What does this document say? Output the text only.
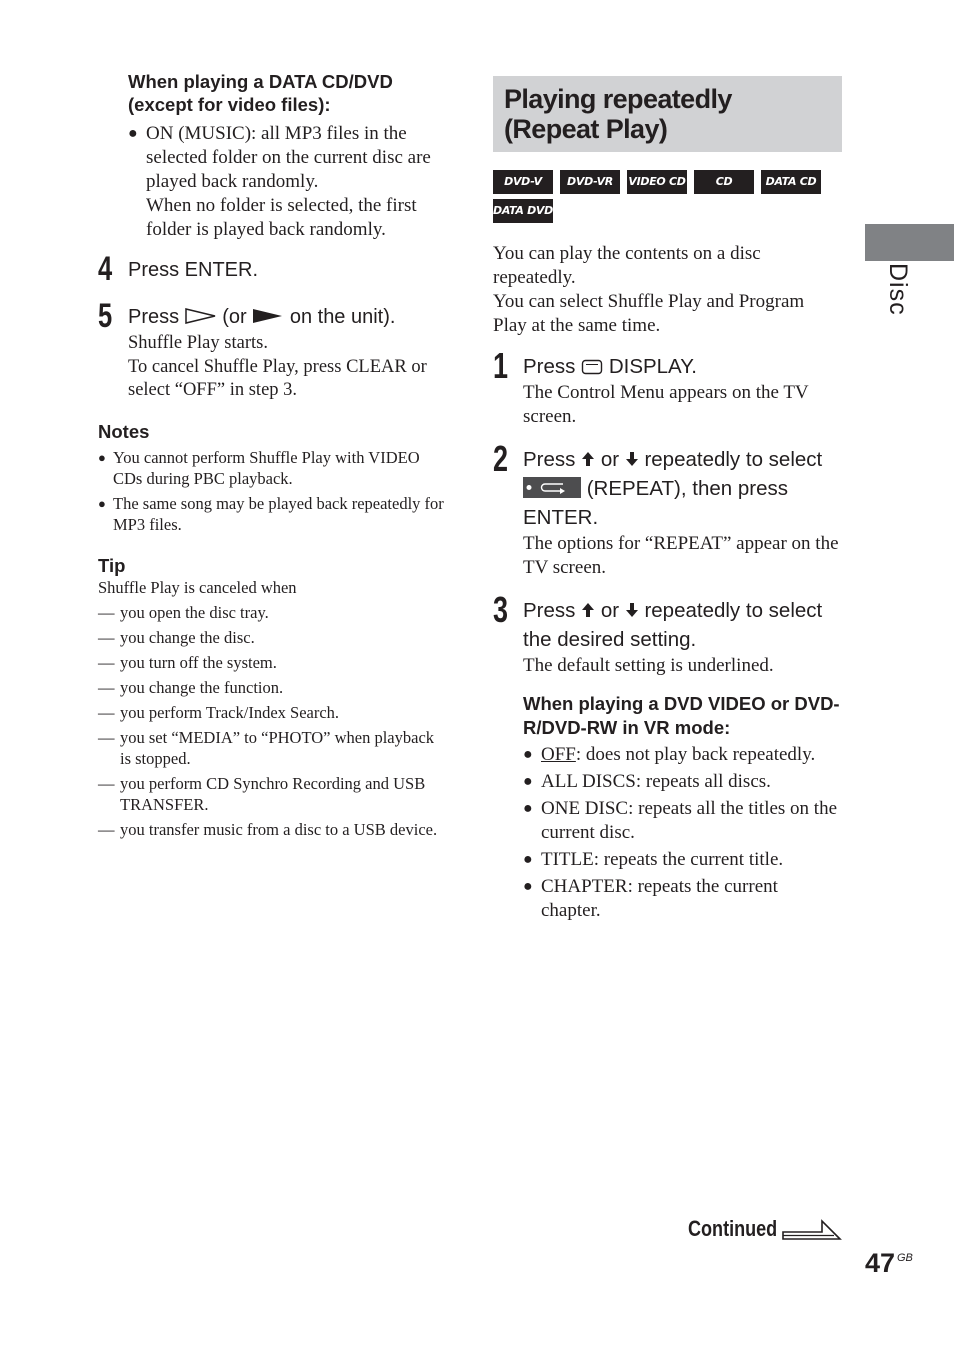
When playing a DATA CD/DVD (except for video files):
● ON (MUSIC): all MP3 files in the selected folder on the current disc are played back randomly.
When no folder is selected, the first folder is played back randomly.
4 Press ENTER.
5 Press (or on the unit).
Shuffle Play starts.
To cancel Shuffle Play, press CLEAR or select “OFF” in step 3.
Notes
● You cannot perform Shuffle Play with VIDEO CDs during PBC playback.
● The same song may be played back repeatedly for MP3 files.
Tip
Shuffle Play is canceled when
— you open the disc tray.
— you change the disc.
— you turn off the system.
— you change the function.
— you perform Track/Index Search.
— you set “MEDIA” to “PHOTO” when playback is stopped.
— you perform CD Synchro Recording and USB TRANSFER.
— you transfer music from a disc to a USB device.
Playing repeatedly (Repeat Play)
DVD-V DVD-VR VIDEO CD	CD	DATA CDDATA DVD
You can play the contents on a disc repeatedly.
You can select Shuffle Play and Program Play at the same time.
1 Press DISPLAY.
The Control Menu appears on the TV screen.
2 Press or repeatedly to select
(REPEAT), then press ENTER.
The options for “REPEAT” appear on the TV screen.
3 Press or repeatedly to select the desired setting.
The default setting is underlined.
When playing a DVD VIDEO or DVD-R/DVD-RW in VR mode:
● OFF: does not play back repeatedly.
● ALL DISCS: repeats all discs.
● ONE DISC: repeats all the titles on the current disc.
● TITLE: repeats the current title.
● CHAPTER: repeats the current chapter.
Disc
Continued
47 GB
